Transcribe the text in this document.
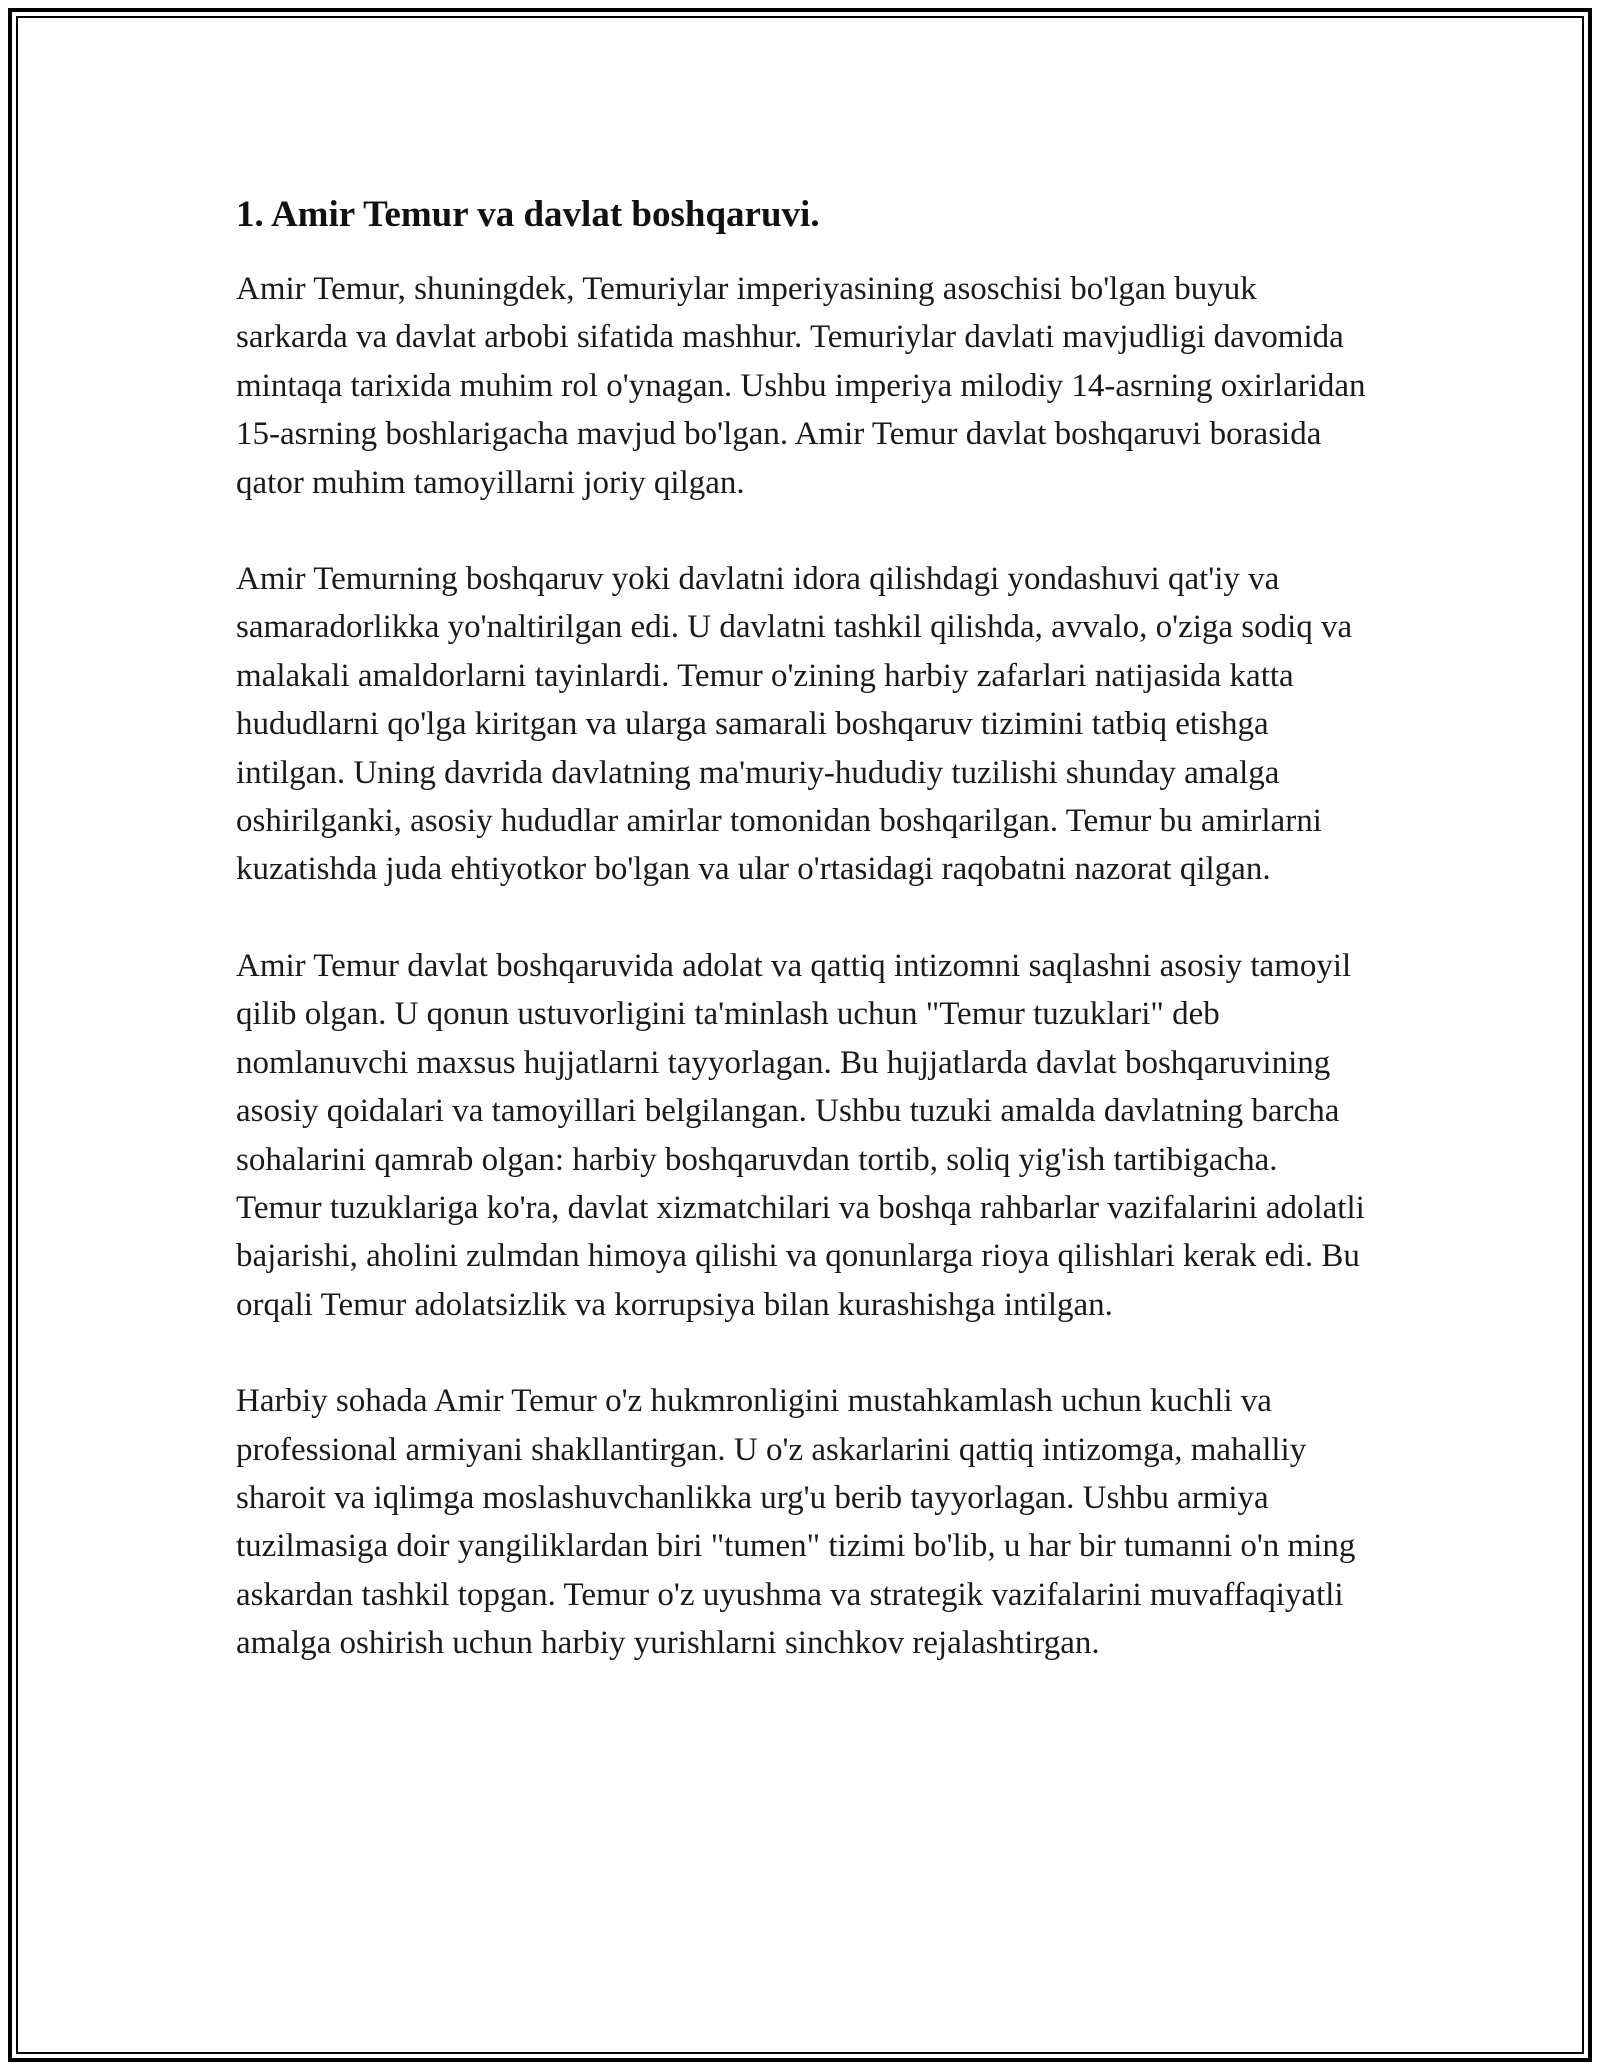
1. Amir Temur va davlat boshqaruvi.

Amir Temur, shuningdek, Temuriylar imperiyasining asoschisi bo'lgan buyuk sarkarda va davlat arbobi sifatida mashhur. Temuriylar davlati mavjudligi davomida mintaqa tarixida muhim rol o'ynagan. Ushbu imperiya milodiy 14-asrning oxirlaridan 15-asrning boshlarigacha mavjud bo'lgan. Amir Temur davlat boshqaruvi borasida qator muhim tamoyillarni joriy qilgan.

Amir Temurning boshqaruv yoki davlatni idora qilishdagi yondashuvi qat'iy va samaradorlikka yo'naltirilgan edi. U davlatni tashkil qilishda, avvalo, o'ziga sodiq va malakali amaldorlarni tayinlardi. Temur o'zining harbiy zafarlari natijasida katta hududlarni qo'lga kiritgan va ularga samarali boshqaruv tizimini tatbiq etishga intilgan. Uning davrida davlatning ma'muriy-hududiy tuzilishi shunday amalga oshirilganki, asosiy hududlar amirlar tomonidan boshqarilgan. Temur bu amirlarni kuzatishda juda ehtiyotkor bo'lgan va ular o'rtasidagi raqobatni nazorat qilgan.

Amir Temur davlat boshqaruvida adolat va qattiq intizomni saqlashni asosiy tamoyil qilib olgan. U qonun ustuvorligini ta'minlash uchun "Temur tuzuklari" deb nomlanuvchi maxsus hujjatlarni tayyorlagan. Bu hujjatlarda davlat boshqaruvining asosiy qoidalari va tamoyillari belgilangan. Ushbu tuzuki amalda davlatning barcha sohalarini qamrab olgan: harbiy boshqaruvdan tortib, soliq yig'ish tartibigacha. Temur tuzuklariga ko'ra, davlat xizmatchilari va boshqa rahbarlar vazifalarini adolatli bajarishi, aholini zulmdan himoya qilishi va qonunlarga rioya qilishlari kerak edi. Bu orqali Temur adolatsizlik va korrupsiya bilan kurashishga intilgan.

Harbiy sohada Amir Temur o'z hukmronligini mustahkamlash uchun kuchli va professional armiyani shakllantirgan. U o'z askarlarini qattiq intizomga, mahalliy sharoit va iqlimga moslashuvchanlikka urg'u berib tayyorlagan. Ushbu armiya tuzilmasiga doir yangiliklardan biri "tumen" tizimi bo'lib, u har bir tumanni o'n ming askardan tashkil topgan. Temur o'z uyushma va strategik vazifalarini muvaffaqiyatli amalga oshirish uchun harbiy yurishlarni sinchkov rejalashtirgan.
